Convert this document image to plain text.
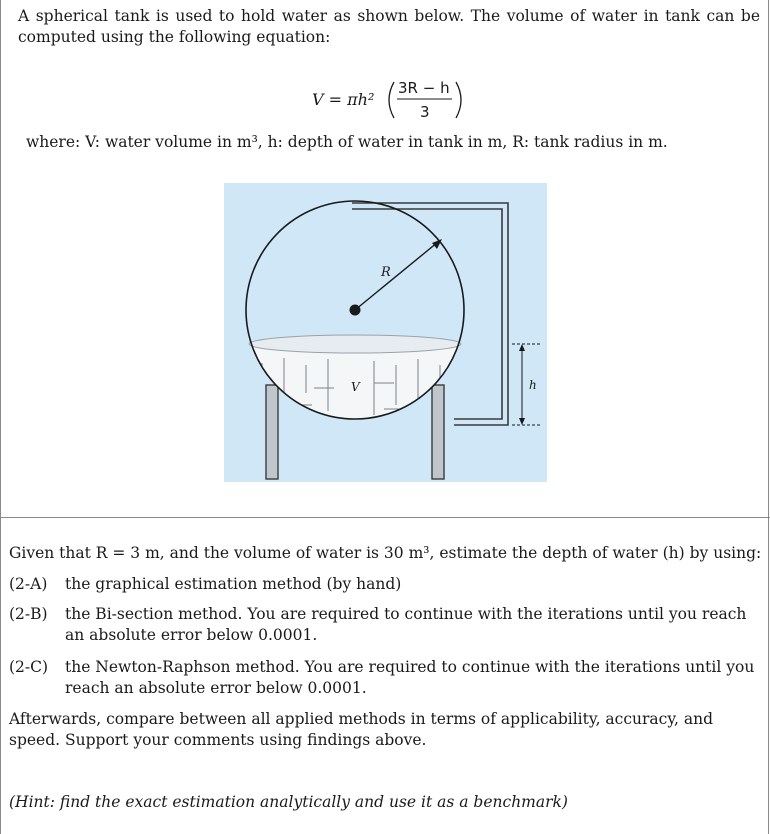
A spherical tank is used to hold water as shown below. The volume of water in tank can be computed using the following equation:
V = πh²
3R − h
3
where: V: water volume in m³, h: depth of water in tank in m, R: tank radius in m.
R
V	h
Given that R = 3 m, and the volume of water is 30 m³, estimate the depth of water (h) by using:
(2-A) the graphical estimation method (by hand)
(2-B) the Bi-section method. You are required to continue with the iterations until you reach an absolute error below 0.0001.
(2-C) the Newton-Raphson method. You are required to continue with the iterations until you reach an absolute error below 0.0001.
Afterwards, compare between all applied methods in terms of applicability, accuracy, and speed. Support your comments using findings above.
(Hint: find the exact estimation analytically and use it as a benchmark)
